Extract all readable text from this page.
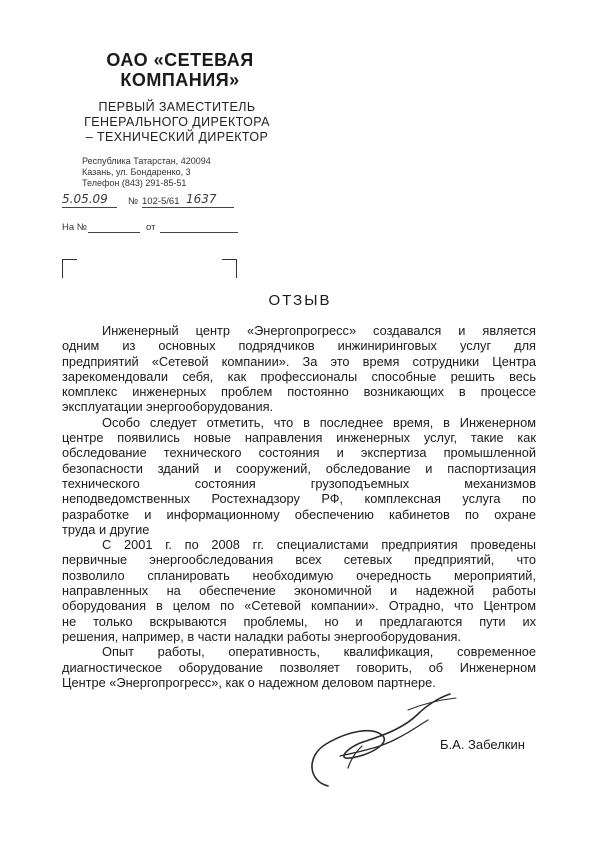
ОАО «СЕТЕВАЯ
КОМПАНИЯ»
ПЕРВЫЙ ЗАМЕСТИТЕЛЬ
ГЕНЕРАЛЬНОГО ДИРЕКТОРА
– ТЕХНИЧЕСКИЙ ДИРЕКТОР
Республика Татарстан, 420094
Казань, ул. Бондаренко, 3
Телефон (843) 291-85-51
5.05.09 № 102-5/61 1637
На №	от
ОТЗЫВ
Инженерный центр «Энергопрогресс» создавался и является
одним из основных подрядчиков инжиниринговых услуг для
предприятий «Сетевой компании». За это время сотрудники Центра
зарекомендовали себя, как профессионалы способные решить весь
комплекс инженерных проблем постоянно возникающих в процессе
эксплуатации энергооборудования.
Особо следует отметить, что в последнее время, в Инженерном
центре появились новые направления инженерных услуг, такие как
обследование технического состояния и экспертиза промышленной
безопасности зданий и сооружений, обследование и паспортизация
технического состояния грузоподъемных механизмов
неподведомственных Ростехнадзору РФ, комплексная услуга по
разработке и информационному обеспечению кабинетов по охране
труда и другие
С 2001 г. по 2008 гг. специалистами предприятия проведены
первичные энергообследования всех сетевых предприятий, что
позволило спланировать необходимую очередность мероприятий,
направленных на обеспечение экономичной и надежной работы
оборудования в целом по «Сетевой компании». Отрадно, что Центром
не только вскрываются проблемы, но и предлагаются пути их
решения, например, в части наладки работы энергооборудования.
Опыт работы, оперативность, квалификация, современное
диагностическое оборудование позволяет говорить, об Инженерном
Центре «Энергопрогресс», как о надежном деловом партнере.
Б.А. Забелкин
